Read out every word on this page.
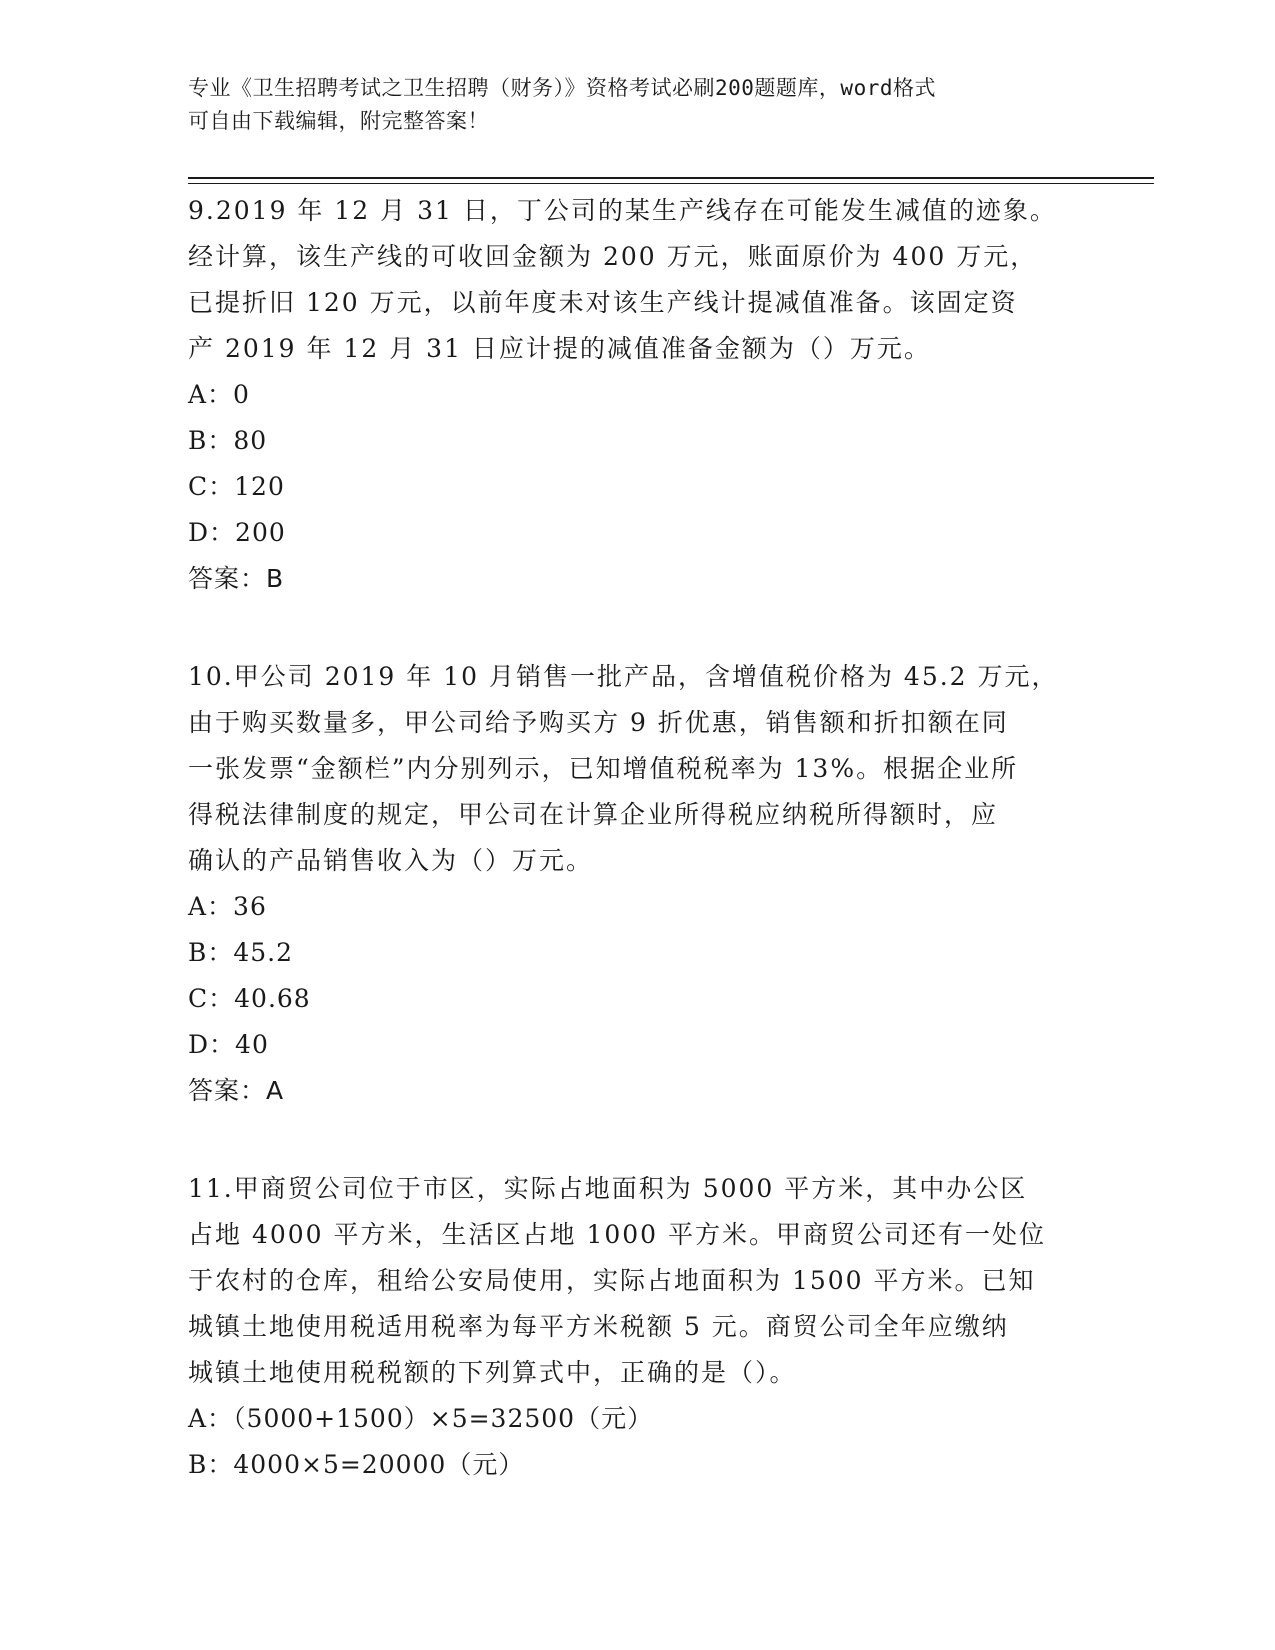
专业《卫生招聘考试之卫生招聘（财务）》资格考试必刷200题题库，word格式
可自由下载编辑，附完整答案！
9.2019 年 12 月 31 日，丁公司的某生产线存在可能发生减值的迹象。
经计算，该生产线的可收回金额为 200 万元，账面原价为 400 万元，
已提折旧 120 万元，以前年度未对该生产线计提减值准备。该固定资
产 2019 年 12 月 31 日应计提的减值准备金额为（）万元。
A：0
B：80
C：120
D：200
答案：B
10.甲公司 2019 年 10 月销售一批产品，含增值税价格为 45.2 万元，
由于购买数量多，甲公司给予购买方 9 折优惠，销售额和折扣额在同
一张发票“金额栏”内分别列示，已知增值税税率为 13%。根据企业所
得税法律制度的规定，甲公司在计算企业所得税应纳税所得额时，应
确认的产品销售收入为（）万元。
A：36
B：45.2
C：40.68
D：40
答案：A
11.甲商贸公司位于市区，实际占地面积为 5000 平方米，其中办公区
占地 4000 平方米，生活区占地 1000 平方米。甲商贸公司还有一处位
于农村的仓库，租给公安局使用，实际占地面积为 1500 平方米。已知
城镇土地使用税适用税率为每平方米税额 5 元。商贸公司全年应缴纳
城镇土地使用税税额的下列算式中，正确的是（）。
A：（5000+1500）×5=32500（元）
B：4000×5=20000（元）
